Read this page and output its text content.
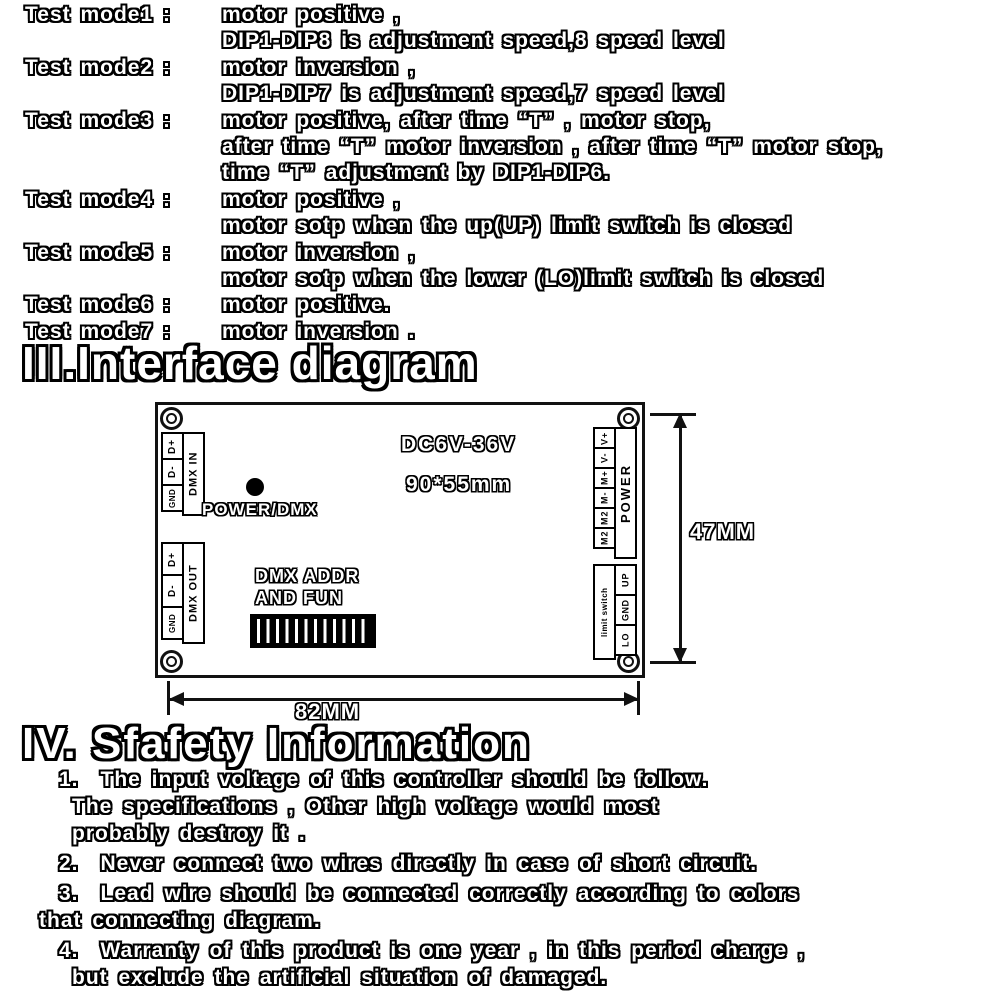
Test mode1 :	motor positive ,
DIP1-DIP8 is adjustment speed,8 speed level
Test mode2 :	motor inversion ,
DIP1-DIP7 is adjustment speed,7 speed level
Test mode3 :	motor positive, after time “T” , motor stop,
after time “T” motor inversion , after time “T” motor stop,
time “T” adjustment by DIP1-DIP6.
Test mode4 :	motor positive ,
motor sotp when the up(UP) limit switch is closed
Test mode5 :	motor inversion ,
motor sotp when the lower (LO)limit switch is closed
Test mode6 :	motor positive.
Test mode7 :	motor inversion .
III.Interface diagram
D+
D-
GND
DMX IN
D+
D-
GND
DMX OUT
POWER/DMX
DC6V-36V
90*55mm
DMX ADDR
AND FUN
V+
V-
M+
M-
M2
M2
POWER
limit switch
UP
GND
LO
47MM
82MM
IV. Sfafety Information
1. The input voltage of this controller should be follow.
The specifications , Other high voltage would most
probably destroy it .
2. Never connect two wires directly in case of short circuit.
3. Lead wire should be connected correctly according to colors
that connecting diagram.
4. Warranty of this product is one year , in this period charge ,
but exclude the artificial situation of damaged.
